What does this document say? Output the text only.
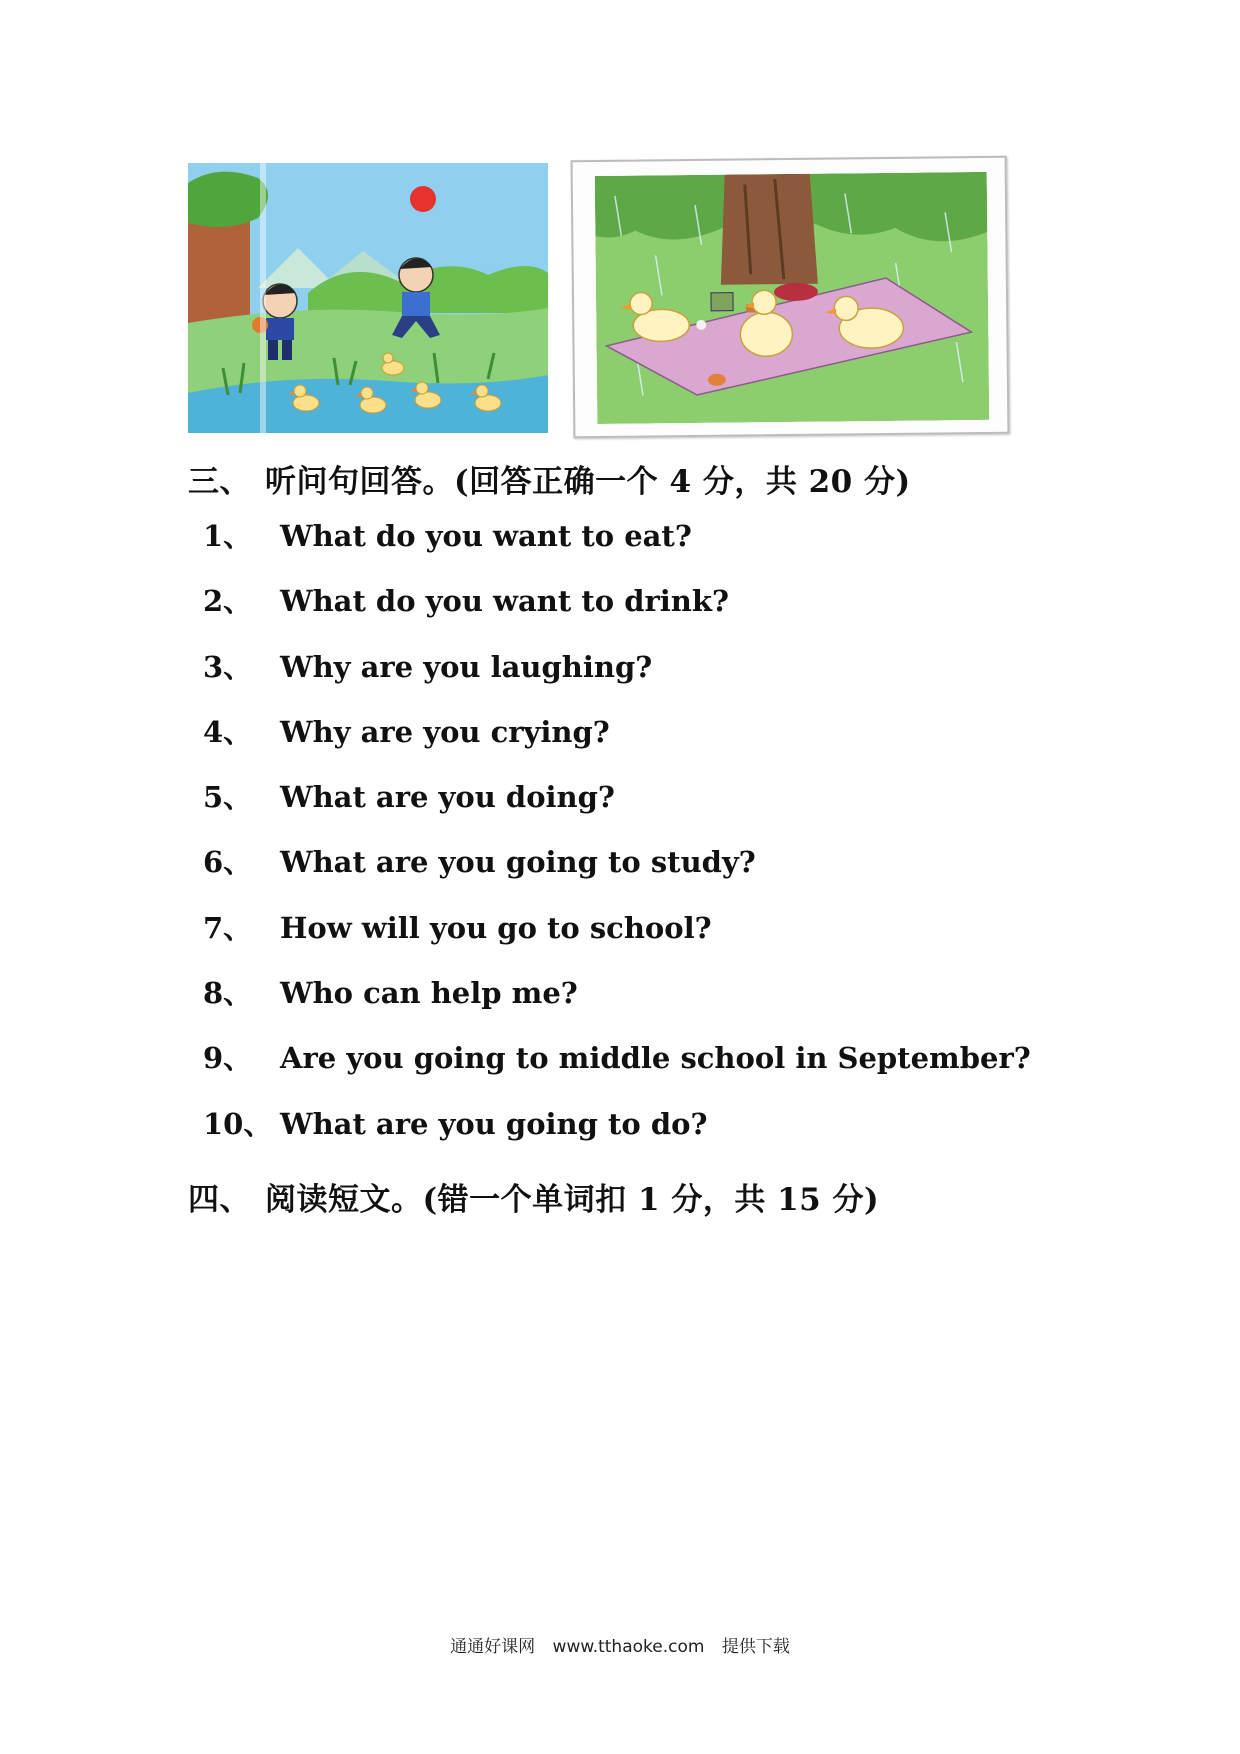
三、 听问句回答。(回答正确一个 4 分，共 20 分)
1、 What do you want to eat?
2、 What do you want to drink?
3、 Why are you laughing?
4、 Why are you crying?
5、 What are you doing?
6、 What are you going to study?
7、 How will you go to school?
8、 Who can help me?
9、 Are you going to middle school in September?
10、 What are you going to do?
四、 阅读短文。(错一个单词扣 1 分，共 15 分)
通通好课网 www.tthaoke.com 提供下载
